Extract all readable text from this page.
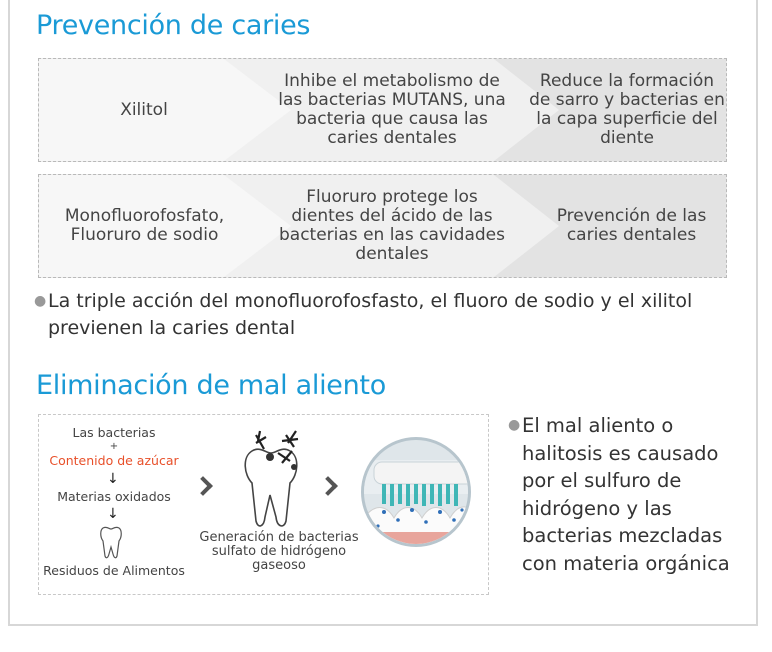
Prevención de caries
Xilitol
Inhibe el metabolismo de las bacterias MUTANS, una bacteria que causa las caries dentales
Reduce la formación de sarro y bacterias en la capa superficie del diente
Monofluorofosfato, Fluoruro de sodio
Fluoruro protege los dientes del ácido de las bacterias en las cavidades dentales
Prevención de las caries dentales
● La triple acción del monofluorofosfasto, el fluoro de sodio y el xilitol previenen la caries dental
Eliminación de mal aliento
Las bacterias
+
Contenido de azúcar
↓
Materias oxidados
↓
Residuos de Alimentos
Generación de bacterias sulfato de hidrógeno gaseoso
● El mal aliento o halitosis es causado por el sulfuro de hidrógeno y las bacterias mezcladas con materia orgánica
